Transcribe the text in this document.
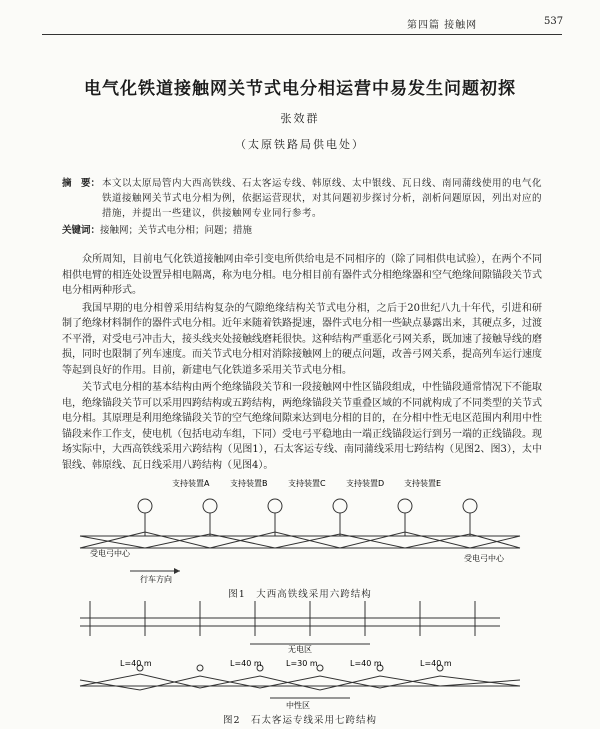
第四篇 接触网	537
电气化铁道接触网关节式电分相运营中易发生问题初探
张效群
（太原铁路局供电处）
摘　要： 本文以太原局管内大西高铁线、石太客运专线、韩原线、太中银线、瓦日线、南同蒲线使用的电气化铁道接触网关节式电分相为例，依据运营现状，对其问题初步探讨分析，剖析问题原因，列出对应的措施，并提出一些建议，供接触网专业同行参考。
关键词：接触网；关节式电分相；问题；措施

众所周知，目前电气化铁道接触网由牵引变电所供给电是不同相序的（除了同相供电试验），在两个不同相供电臂的相连处设置异相电隔离，称为电分相。电分相目前有器件式分相绝缘器和空气绝缘间隙锚段关节式电分相两种形式。

我国早期的电分相曾采用结构复杂的气隙绝缘结构关节式电分相，之后于20世纪八九十年代，引进和研制了绝缘材料制作的器件式电分相。近年来随着铁路提速，器件式电分相一些缺点暴露出来，其硬点多，过渡不平滑，对受电弓冲击大，接头线夹处接触线磨耗很快。这种结构严重恶化弓网关系，既加速了接触导线的磨损，同时也限制了列车速度。而关节式电分相对消除接触网上的硬点问题，改善弓网关系，提高列车运行速度等起到良好的作用。目前，新建电气化铁道多采用关节式电分相。

关节式电分相的基本结构由两个绝缘锚段关节和一段接触网中性区锚段组成，中性锚段通常情况下不能取电，绝缘锚段关节可以采用四跨结构或五跨结构，两绝缘锚段关节重叠区域的不同就构成了不同类型的关节式电分相。其原理是利用绝缘锚段关节的空气绝缘间隙来达到电分相的目的，在分相中性无电区范围内利用中性锚段来作工作支，使电机（包括电动车组，下同）受电弓平稳地由一端正线锚段运行到另一端的正线锚段。现场实际中，大西高铁线采用六跨结构（见图1），石太客运专线、南同蒲线采用七跨结构（见图2、图3），太中银线、韩原线、瓦日线采用八跨结构（见图4）。

支持装置A	支持装置B	支持装置C	支持装置D 支持装置E
受电弓中心
受电弓中心
行车方向
图1　大西高铁线采用六跨结构
无电区
L=40 m
L=40 m	L=30 m	L=40 m	L=40 m
中性区
图2　石太客运专线采用七跨结构
